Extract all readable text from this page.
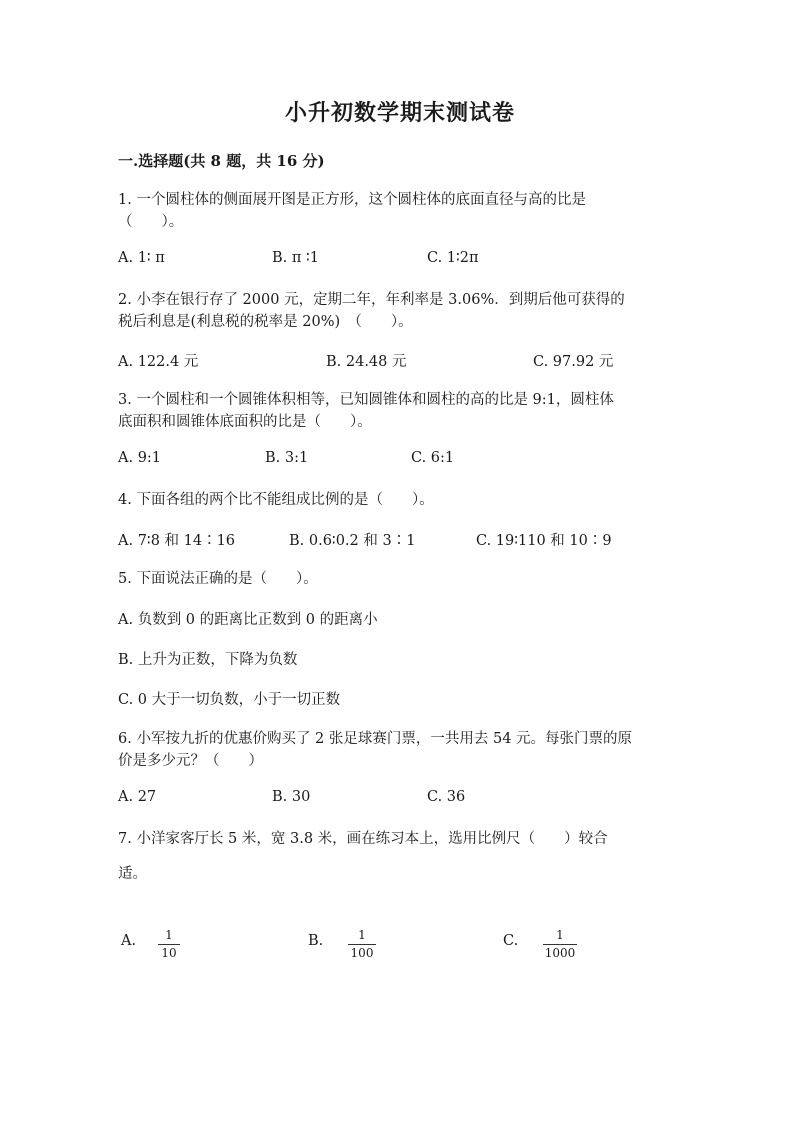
小升初数学期末测试卷
一.选择题(共 8 题，共 16 分)
1. 一个圆柱体的侧面展开图是正方形，这个圆柱体的底面直径与高的比是
（　　）。
A. 1∶ π	B. π ∶1	C. 1∶2π
2. 小李在银行存了 2000 元，定期二年，年利率是 3.06%．到期后他可获得的
税后利息是(利息税的税率是 20%)　（　　）。
A. 122.4 元	B. 24.48 元	C. 97.92 元
3. 一个圆柱和一个圆锥体积相等，已知圆锥体和圆柱的高的比是 9:1，圆柱体
底面积和圆锥体底面积的比是（　　）。
A. 9:1	B. 3:1	C. 6:1
4. 下面各组的两个比不能组成比例的是（　　）。
A. 7∶8 和 14∶16	B. 0.6∶0.2 和 3∶1	C. 19∶110 和 10∶9
5. 下面说法正确的是（　　）。
A. 负数到 0 的距离比正数到 0 的距离小
B. 上升为正数，下降为负数
C. 0 大于一切负数，小于一切正数
6. 小军按九折的优惠价购买了 2 张足球赛门票，一共用去 54 元。每张门票的原
价是多少元？（　　）
A. 27	B. 30	C. 36
7. 小洋家客厅长 5 米，宽 3.8 米，画在练习本上，选用比例尺（　　）较合
适。
A. $\frac{1}{10}$	B. $\frac{1}{100}$	C. $\frac{1}{1000}$
